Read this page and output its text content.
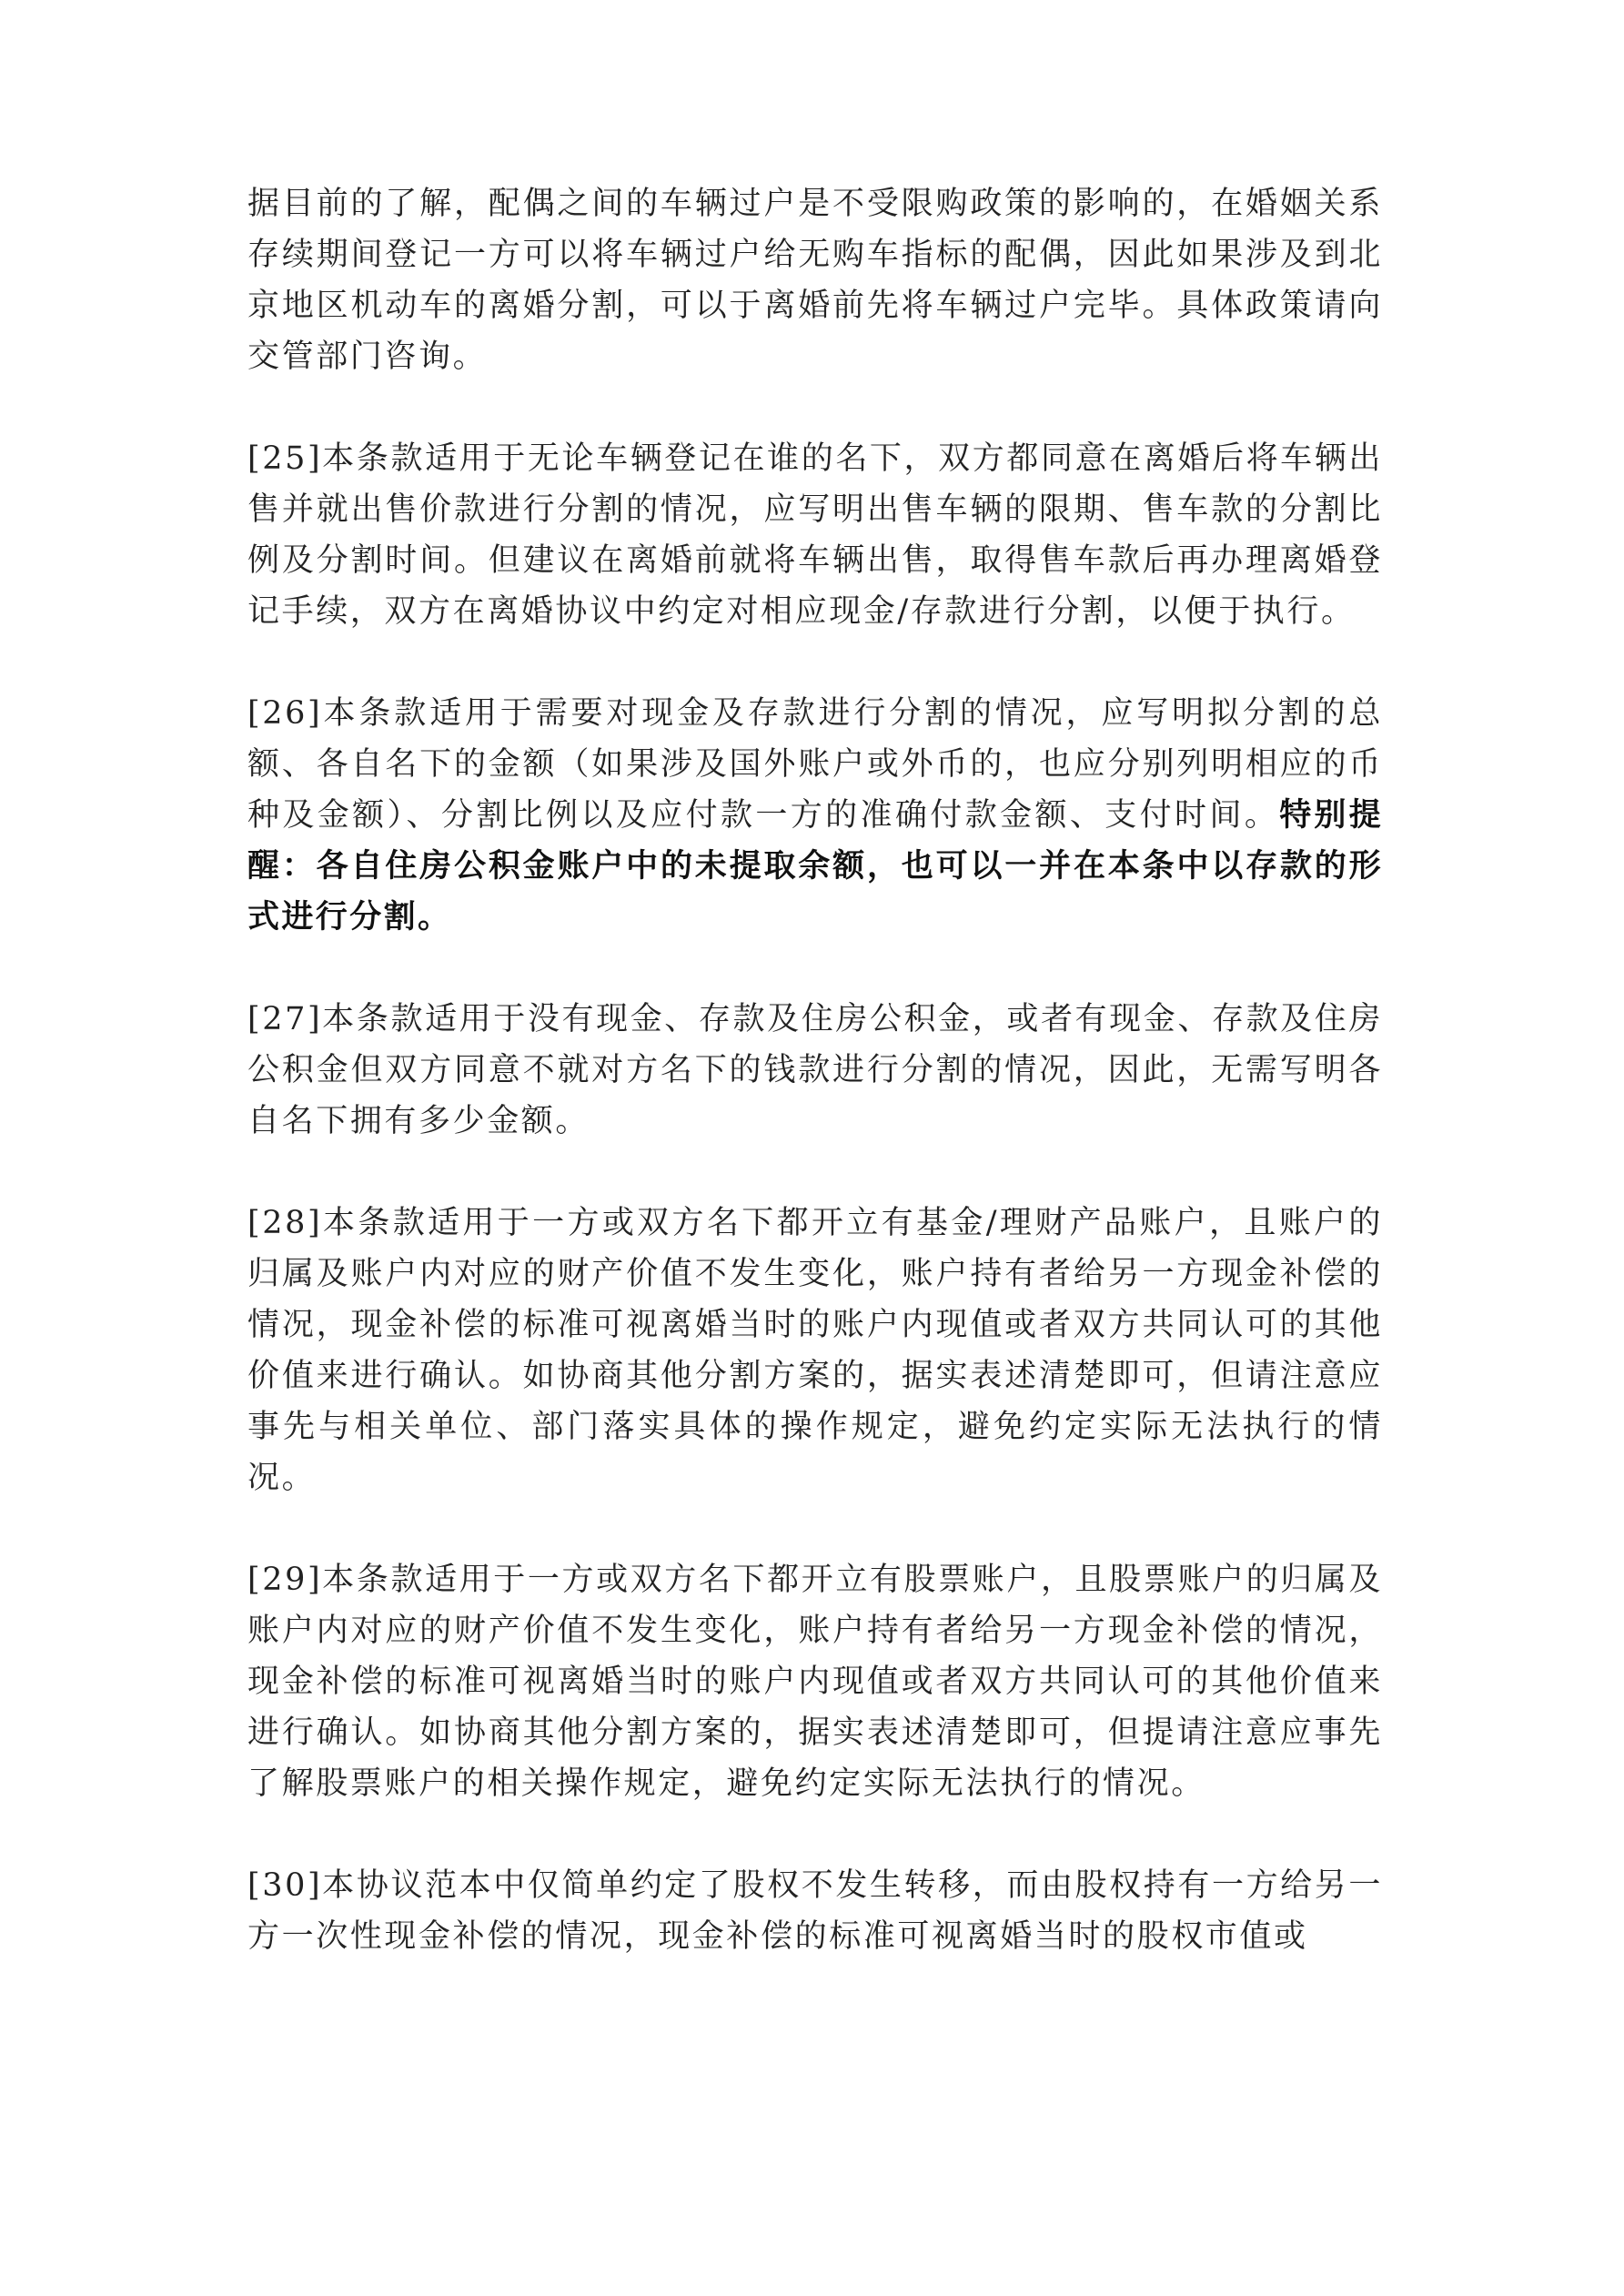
据目前的了解，配偶之间的车辆过户是不受限购政策的影响的，在婚姻关系存续期间登记一方可以将车辆过户给无购车指标的配偶，因此如果涉及到北京地区机动车的离婚分割，可以于离婚前先将车辆过户完毕。具体政策请向交管部门咨询。

[25]本条款适用于无论车辆登记在谁的名下，双方都同意在离婚后将车辆出售并就出售价款进行分割的情况，应写明出售车辆的限期、售车款的分割比例及分割时间。但建议在离婚前就将车辆出售，取得售车款后再办理离婚登记手续，双方在离婚协议中约定对相应现金/存款进行分割，以便于执行。

[26]本条款适用于需要对现金及存款进行分割的情况，应写明拟分割的总额、各自名下的金额（如果涉及国外账户或外币的，也应分别列明相应的币种及金额）、分割比例以及应付款一方的准确付款金额、支付时间。特别提醒：各自住房公积金账户中的未提取余额，也可以一并在本条中以存款的形式进行分割。

[27]本条款适用于没有现金、存款及住房公积金，或者有现金、存款及住房公积金但双方同意不就对方名下的钱款进行分割的情况，因此，无需写明各自名下拥有多少金额。

[28]本条款适用于一方或双方名下都开立有基金/理财产品账户，且账户的归属及账户内对应的财产价值不发生变化，账户持有者给另一方现金补偿的情况，现金补偿的标准可视离婚当时的账户内现值或者双方共同认可的其他价值来进行确认。如协商其他分割方案的，据实表述清楚即可，但请注意应事先与相关单位、部门落实具体的操作规定，避免约定实际无法执行的情况。

[29]本条款适用于一方或双方名下都开立有股票账户，且股票账户的归属及账户内对应的财产价值不发生变化，账户持有者给另一方现金补偿的情况，现金补偿的标准可视离婚当时的账户内现值或者双方共同认可的其他价值来进行确认。如协商其他分割方案的，据实表述清楚即可，但提请注意应事先了解股票账户的相关操作规定，避免约定实际无法执行的情况。

[30]本协议范本中仅简单约定了股权不发生转移，而由股权持有一方给另一方一次性现金补偿的情况，现金补偿的标准可视离婚当时的股权市值或
